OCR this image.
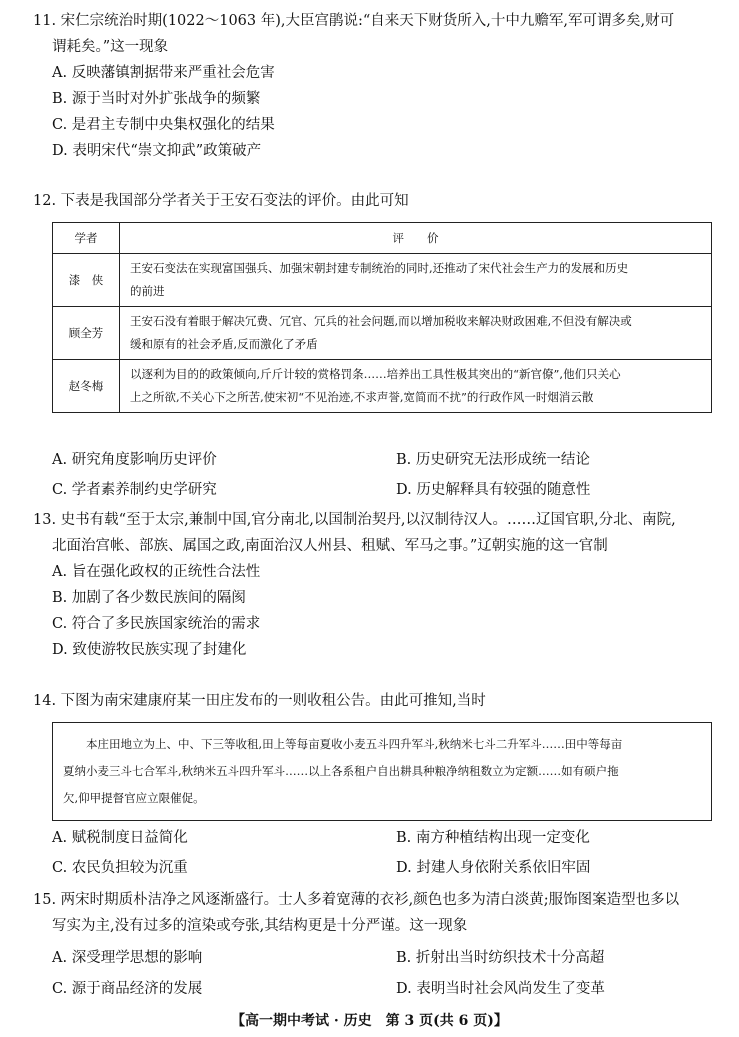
11. 宋仁宗统治时期(1022～1063 年),大臣宫鹃说:“自来天下财货所入,十中九赡军,军可谓多矣,财可
谓耗矣。”这一现象
A. 反映藩镇割据带来严重社会危害
B. 源于当时对外扩张战争的频繁
C. 是君主专制中央集权强化的结果
D. 表明宋代“崇文抑武”政策破产
12. 下表是我国部分学者关于王安石变法的评价。由此可知
学者	评　　价
漆　侠	王安石变法在实现富国强兵、加强宋朝封建专制统治的同时,还推动了宋代社会生产力的发展和历史
的前进

顾全芳	王安石没有着眼于解决冗费、冗官、冗兵的社会问题,而以增加税收来解决财政困难,不但没有解决或
缓和原有的社会矛盾,反而激化了矛盾

赵冬梅	以逐利为目的的政策倾向,斤斤计较的赏格罚条……培养出工具性极其突出的“新官僚”,他们只关心
上之所欲,不关心下之所苦,使宋初“不见治迹,不求声誉,宽简而不扰”的行政作风一时烟消云散
A. 研究角度影响历史评价	B. 历史研究无法形成统一结论
C. 学者素养制约史学研究	D. 历史解释具有较强的随意性
13. 史书有载“至于太宗,兼制中国,官分南北,以国制治契丹,以汉制待汉人。……辽国官职,分北、南院,
北面治宫帐、部族、属国之政,南面治汉人州县、租赋、军马之事。”辽朝实施的这一官制
A. 旨在强化政权的正统性合法性
B. 加剧了各少数民族间的隔阂
C. 符合了多民族国家统治的需求
D. 致使游牧民族实现了封建化
14. 下图为南宋建康府某一田庄发布的一则收租公告。由此可推知,当时
本庄田地立为上、中、下三等收租,田上等每亩夏收小麦五斗四升军斗,秋纳米七斗二升军斗……田中等每亩
夏纳小麦三斗七合军斗,秋纳米五斗四升军斗……以上各系租户自出耕具种粮净纳租数立为定额……如有硕户拖
欠,仰甲提督官应立限催促。
A. 赋税制度日益简化	B. 南方种植结构出现一定变化
C. 农民负担较为沉重	D. 封建人身依附关系依旧牢固
15. 两宋时期质朴洁净之风逐渐盛行。士人多着宽薄的衣衫,颜色也多为清白淡黄;服饰图案造型也多以
写实为主,没有过多的渲染或夸张,其结构更是十分严谨。这一现象
A. 深受理学思想的影响	B. 折射出当时纺织技术十分高超
C. 源于商品经济的发展	D. 表明当时社会风尚发生了变革
【高一期中考试 · 历史　第 3 页(共 6 页)】
